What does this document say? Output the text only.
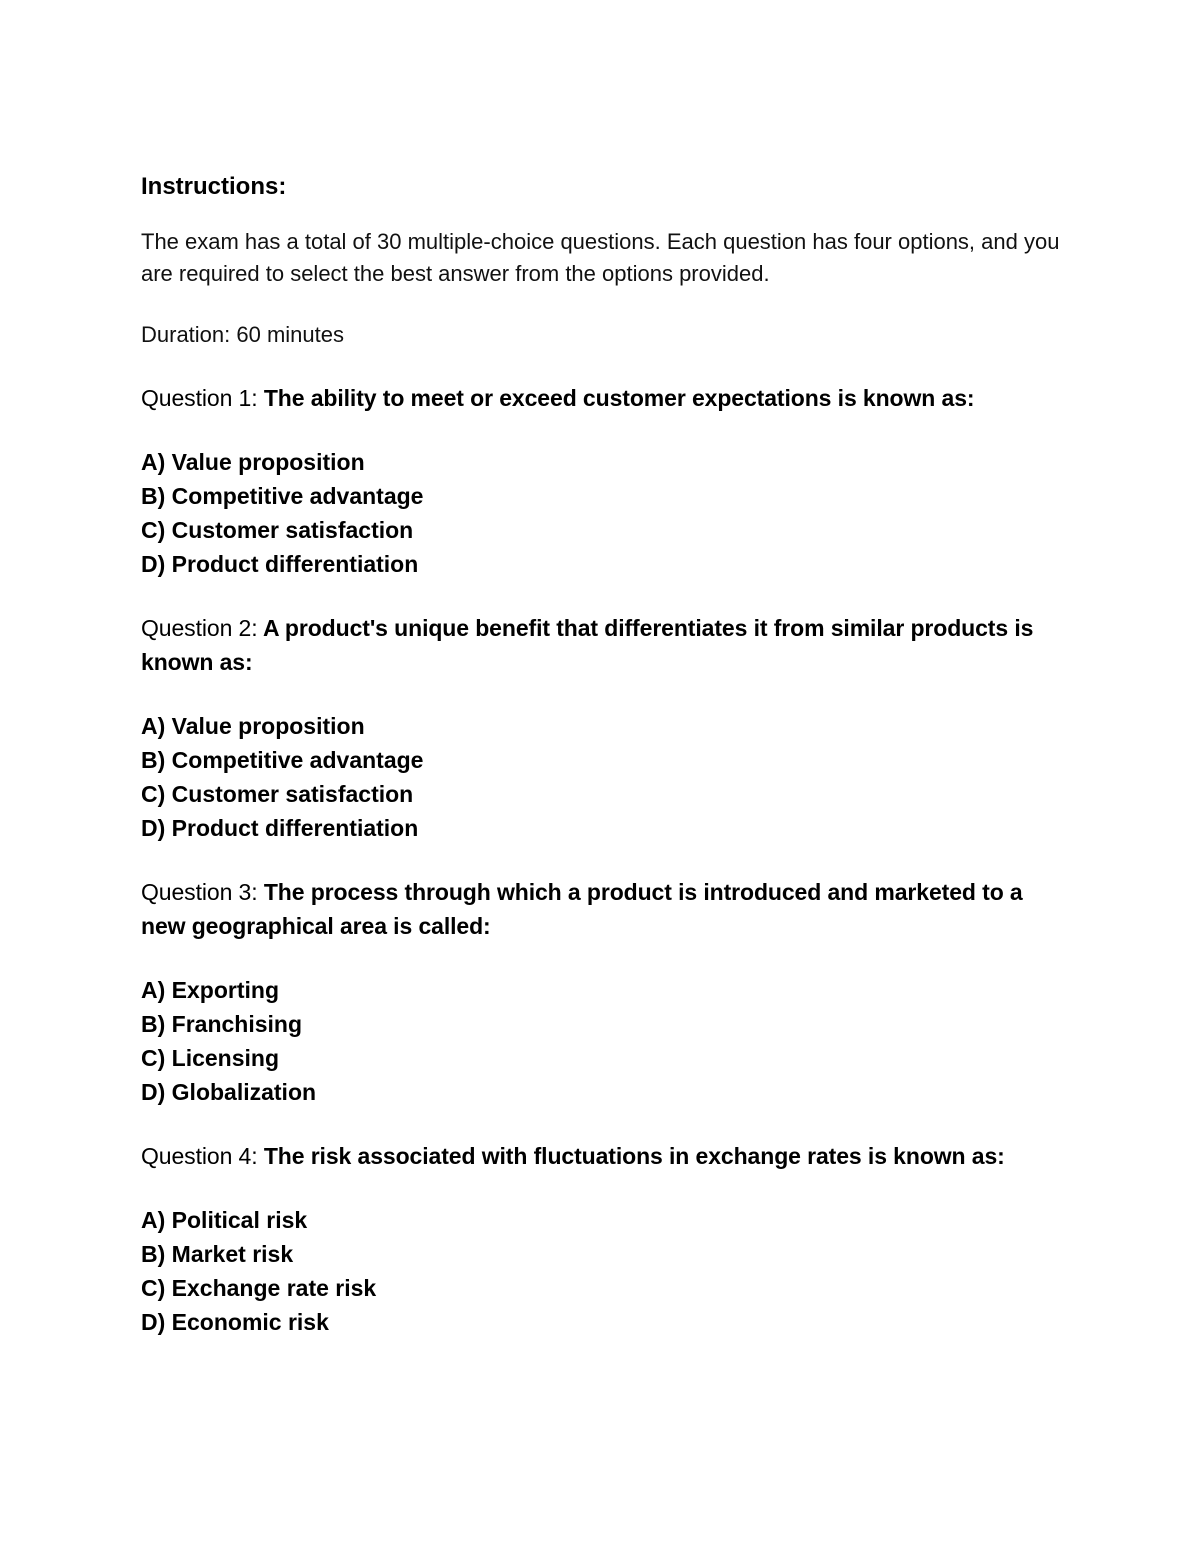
Instructions:

The exam has a total of 30 multiple-choice questions. Each question has four options, and you are required to select the best answer from the options provided.

Duration: 60 minutes

Question 1: The ability to meet or exceed customer expectations is known as:

A) Value proposition
B) Competitive advantage
C) Customer satisfaction
D) Product differentiation

Question 2: A product's unique benefit that differentiates it from similar products is known as:

A) Value proposition
B) Competitive advantage
C) Customer satisfaction
D) Product differentiation

Question 3: The process through which a product is introduced and marketed to a new geographical area is called:

A) Exporting
B) Franchising
C) Licensing
D) Globalization

Question 4: The risk associated with fluctuations in exchange rates is known as:

A) Political risk
B) Market risk
C) Exchange rate risk
D) Economic risk
